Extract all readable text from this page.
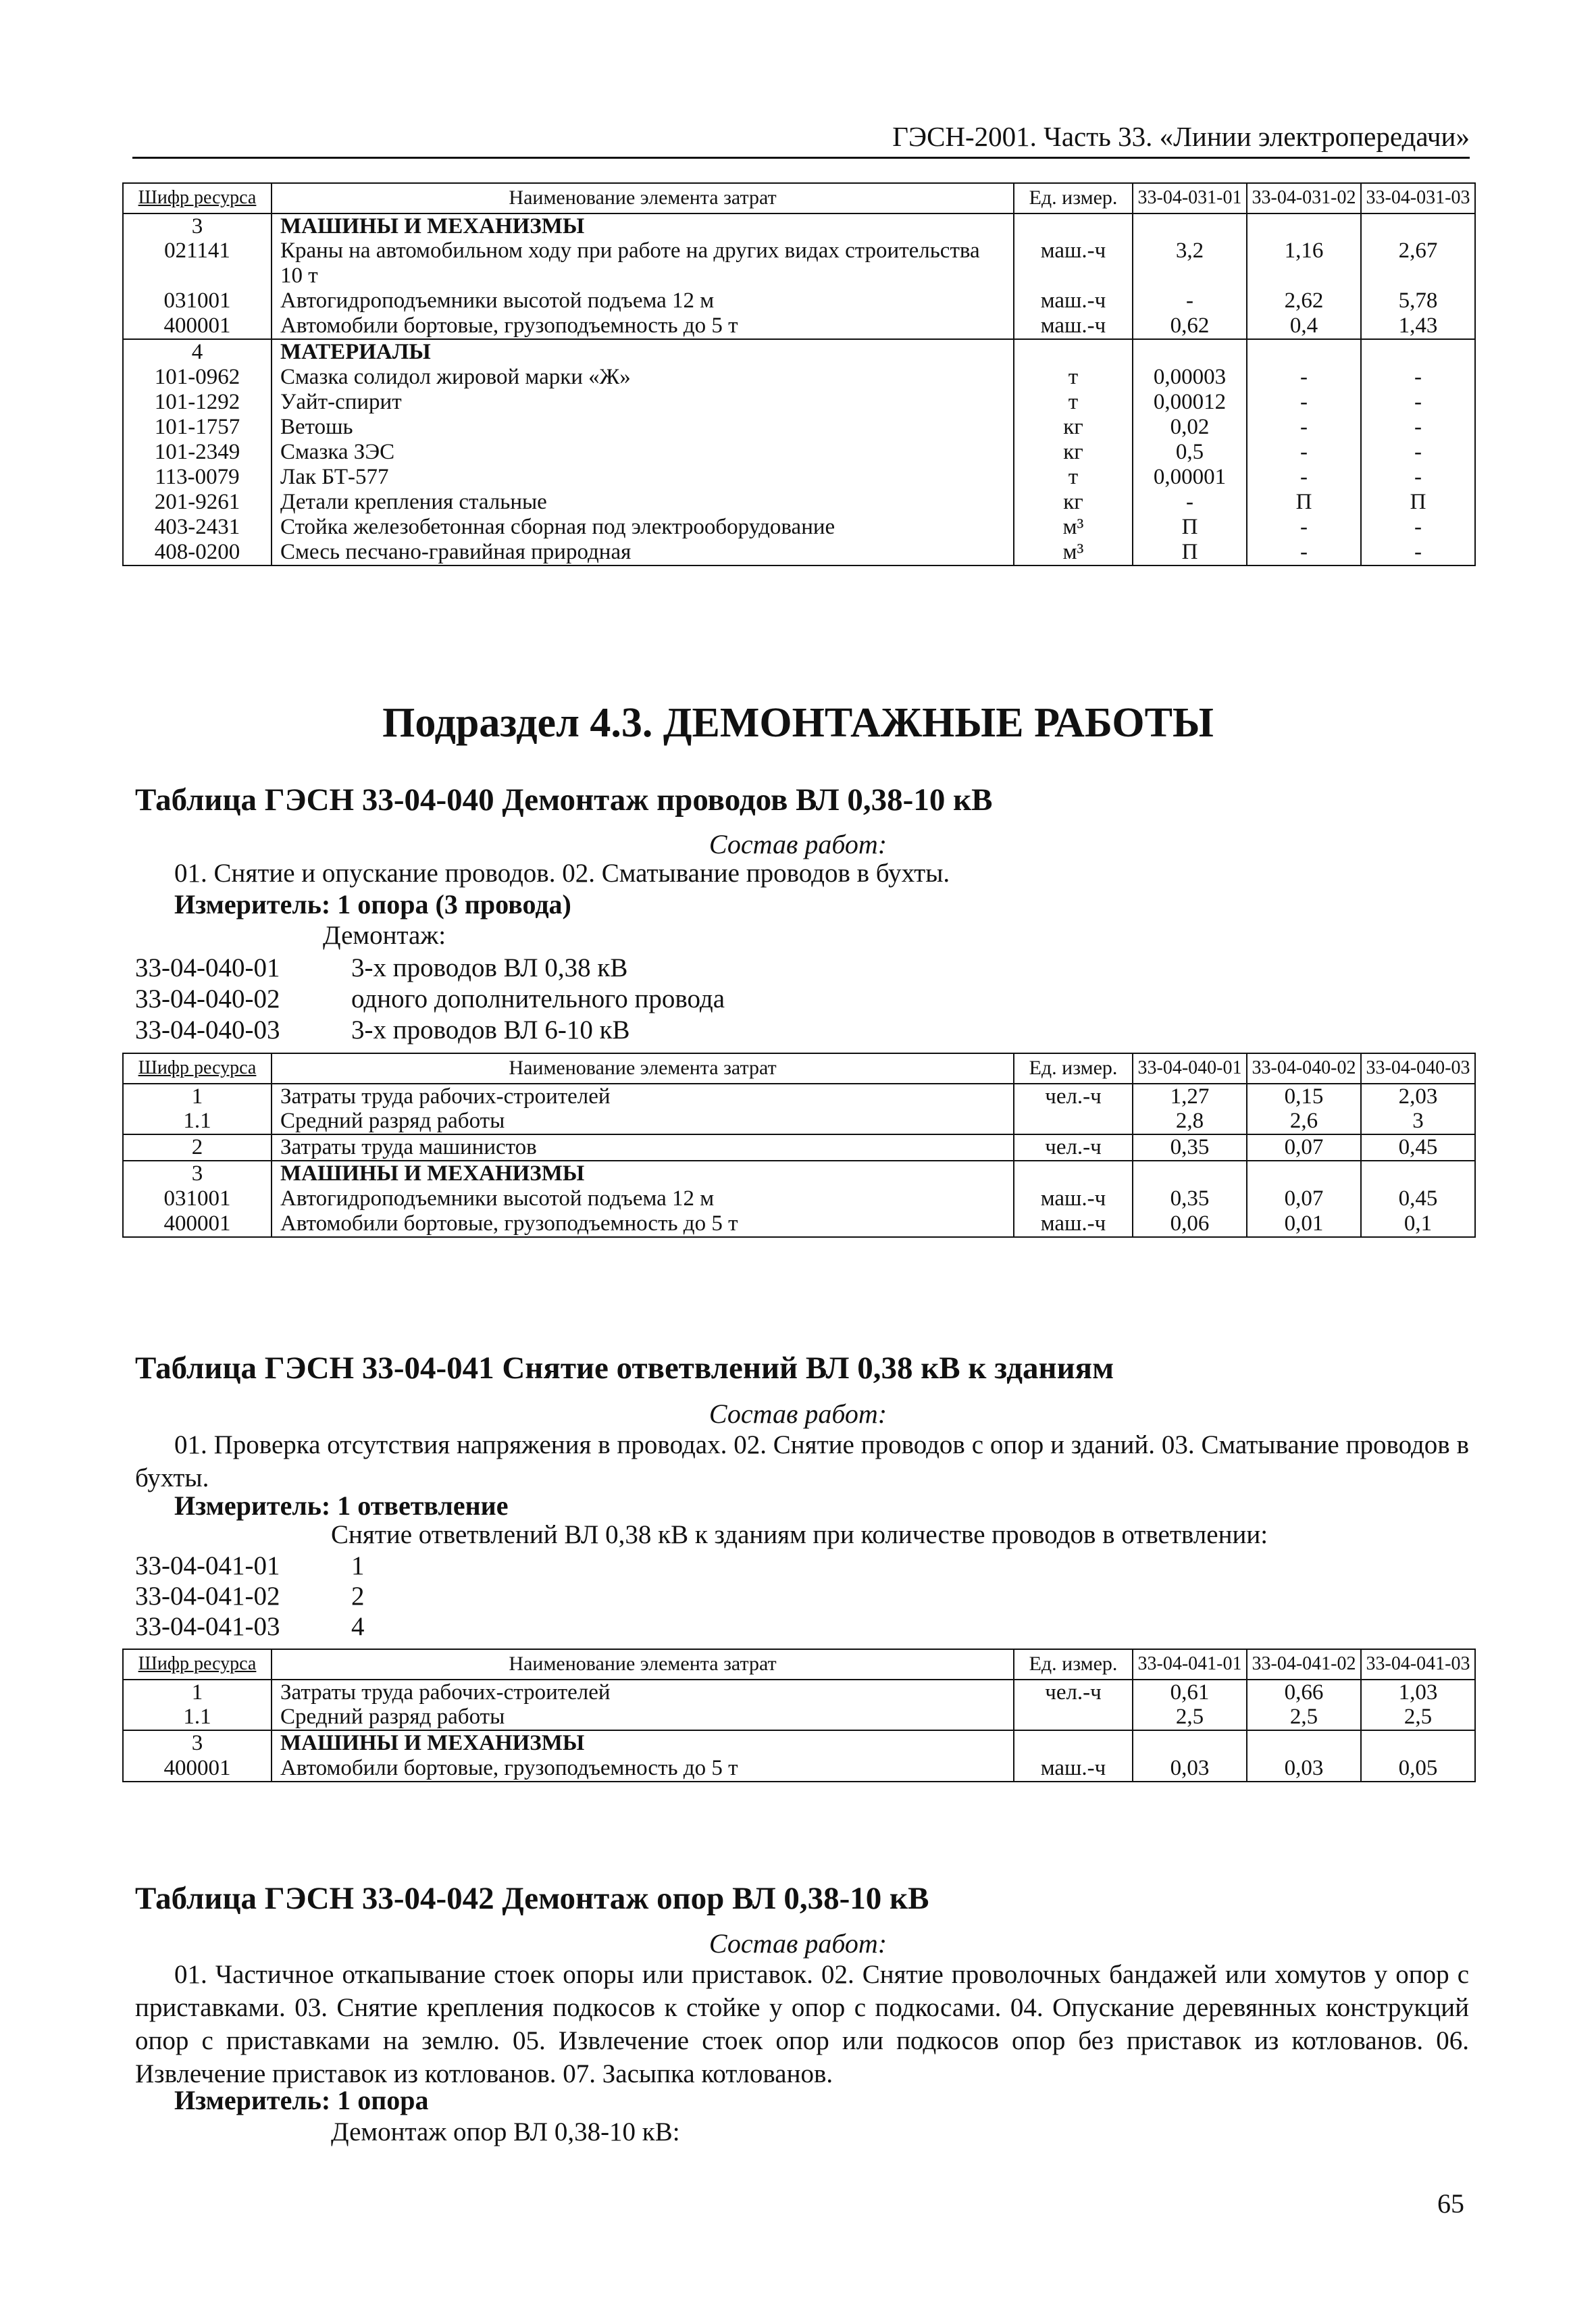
ГЭСН-2001. Часть 33. «Линии электропередачи»
Шифр ресурса	Наименование элемента затрат	Ед. измер.	33-04-031-01	33-04-031-02	33-04-031-03
3	МАШИНЫ И МЕХАНИЗМЫ				
021141	Краны на автомобильном ходу при работе на других видах строительства 10 т	маш.-ч	3,2	1,16	2,67
031001	Автогидроподъемники высотой подъема 12 м	маш.-ч	-	2,62	5,78
400001	Автомобили бортовые, грузоподъемность до 5 т	маш.-ч	0,62	0,4	1,43
4	МАТЕРИАЛЫ				
101-0962	Смазка солидол жировой марки «Ж»	т	0,00003	-	-
101-1292	Уайт-спирит	т	0,00012	-	-
101-1757	Ветошь	кг	0,02	-	-
101-2349	Смазка ЗЭС	кг	0,5	-	-
113-0079	Лак БТ-577	т	0,00001	-	-
201-9261	Детали крепления стальные	кг	-	П	П
403-2431	Стойка железобетонная сборная под электрооборудование	м³	П	-	-
408-0200	Смесь песчано-гравийная природная	м³	П	-	-
Подраздел 4.3. ДЕМОНТАЖНЫЕ РАБОТЫ
Таблица ГЭСН 33-04-040 Демонтаж проводов ВЛ 0,38-10 кВ
Состав работ:
01. Снятие и опускание проводов. 02. Сматывание проводов в бухты.
Измеритель: 1 опора (3 провода)
Демонтаж:
33-04-040-01	3-х проводов ВЛ 0,38 кВ
33-04-040-02	одного дополнительного провода
33-04-040-03	3-х проводов ВЛ 6-10 кВ
Шифр ресурса	Наименование элемента затрат	Ед. измер.	33-04-040-01	33-04-040-02	33-04-040-03
1	Затраты труда рабочих-строителей	чел.-ч	1,27	0,15	2,03
1.1	Средний разряд работы		2,8	2,6	3
2	Затраты труда машинистов	чел.-ч	0,35	0,07	0,45
3	МАШИНЫ И МЕХАНИЗМЫ				
031001	Автогидроподъемники высотой подъема 12 м	маш.-ч	0,35	0,07	0,45
400001	Автомобили бортовые, грузоподъемность до 5 т	маш.-ч	0,06	0,01	0,1
Таблица ГЭСН 33-04-041 Снятие ответвлений ВЛ 0,38 кВ к зданиям
Состав работ:
01. Проверка отсутствия напряжения в проводах. 02. Снятие проводов с опор и зданий. 03. Сматывание проводов в бухты.
Измеритель: 1 ответвление
Снятие ответвлений ВЛ 0,38 кВ к зданиям при количестве проводов в ответвлении:
33-04-041-01	1
33-04-041-02	2
33-04-041-03	4
Шифр ресурса	Наименование элемента затрат	Ед. измер.	33-04-041-01	33-04-041-02	33-04-041-03
1	Затраты труда рабочих-строителей	чел.-ч	0,61	0,66	1,03
1.1	Средний разряд работы		2,5	2,5	2,5
3	МАШИНЫ И МЕХАНИЗМЫ				
400001	Автомобили бортовые, грузоподъемность до 5 т	маш.-ч	0,03	0,03	0,05
Таблица ГЭСН 33-04-042 Демонтаж опор ВЛ 0,38-10 кВ
Состав работ:
01. Частичное откапывание стоек опоры или приставок. 02. Снятие проволочных бандажей или хомутов у опор с приставками. 03. Снятие крепления подкосов к стойке у опор с подкосами. 04. Опускание деревянных конструкций опор с приставками на землю. 05. Извлечение стоек опор или подкосов опор без приставок из котлованов. 06. Извлечение приставок из котлованов. 07. Засыпка котлованов.
Измеритель: 1 опора
Демонтаж опор ВЛ 0,38-10 кВ:
65
